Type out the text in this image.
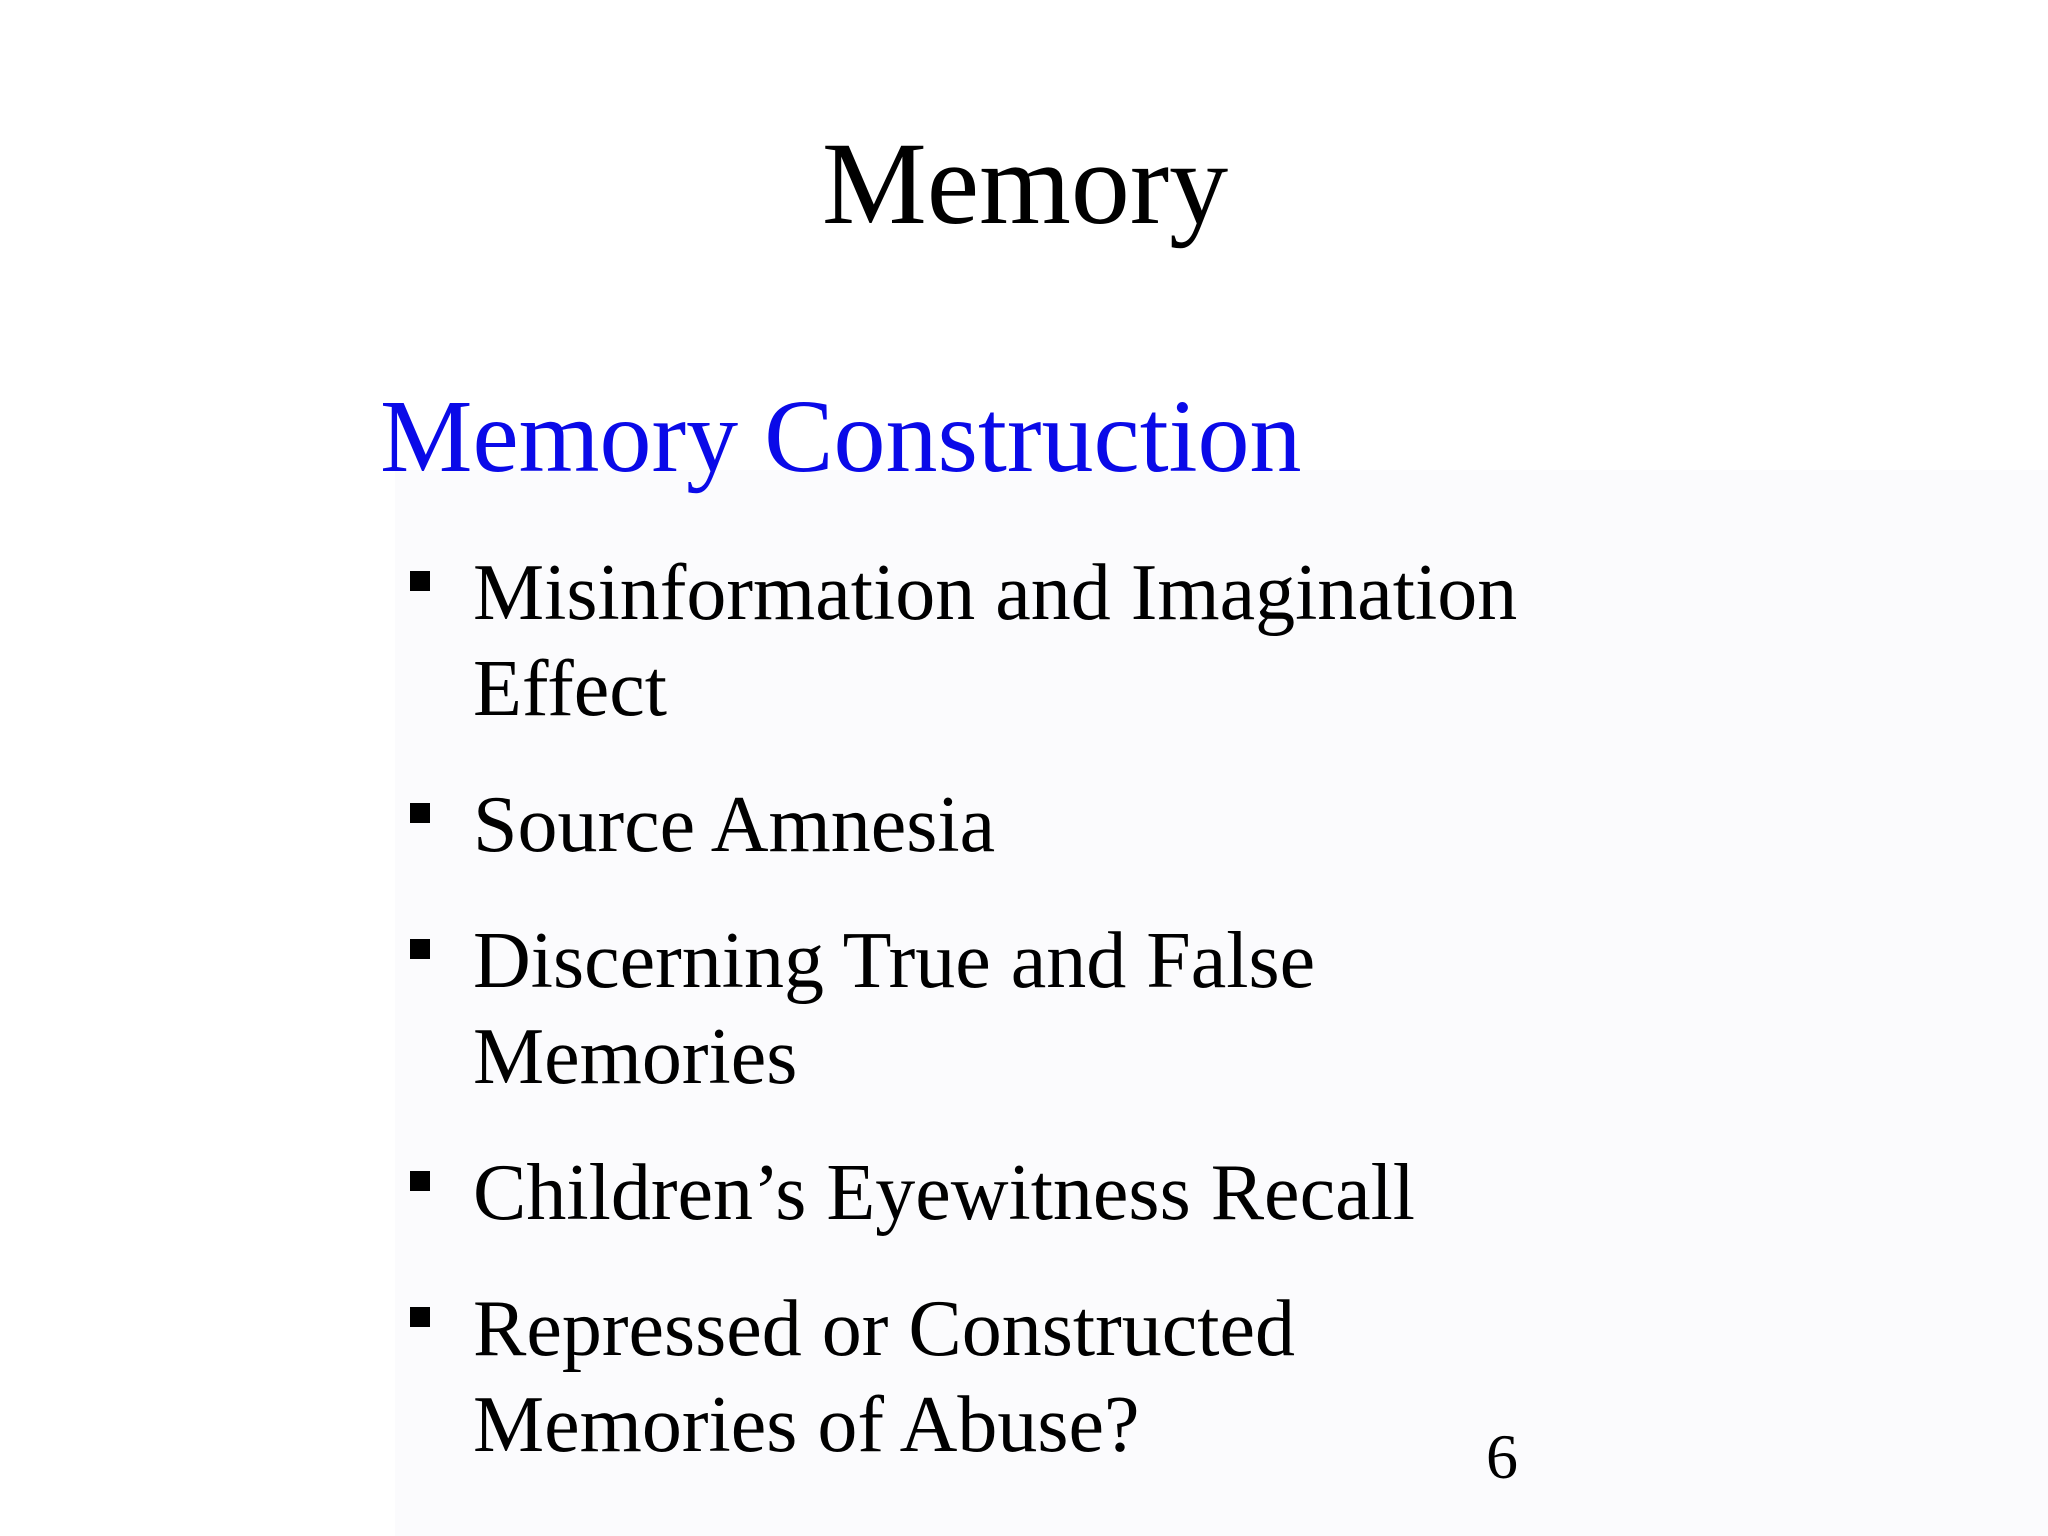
Memory
Memory Construction
Misinformation and Imagination
Effect
Source Amnesia
Discerning True and False
Memories
Children’s Eyewitness Recall
Repressed or Constructed
Memories of Abuse?	6
